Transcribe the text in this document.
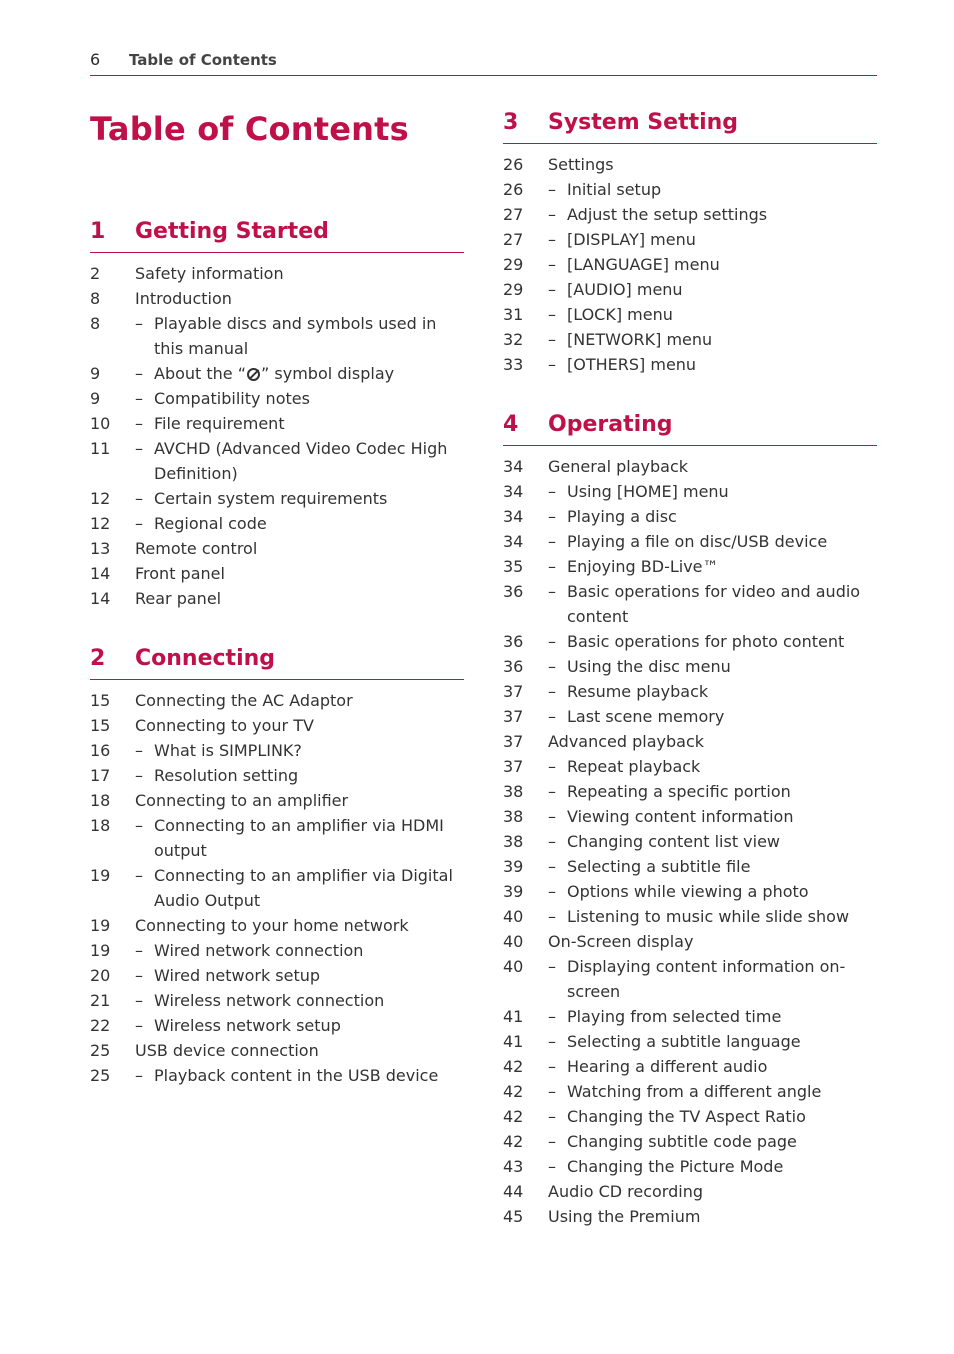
6 Table of Contents
Table of Contents
1 Getting Started
2	Safety information
8	Introduction
8	– Playable discs and symbols used in this manual
9	– About the “ ” symbol display
9	– Compatibility notes
10	– File requirement
11	– AVCHD (Advanced Video Codec High Definition)
12	– Certain system requirements
12	– Regional code
13	Remote control
14	Front panel
14	Rear panel
2 Connecting
15	Connecting the AC Adaptor
15	Connecting to your TV
16	– What is SIMPLINK?
17	– Resolution setting
18	Connecting to an amplifier
18	– Connecting to an amplifier via HDMI output
19	– Connecting to an amplifier via Digital Audio Output
19	Connecting to your home network
19	– Wired network connection
20	– Wired network setup
21	– Wireless network connection
22	– Wireless network setup
25	USB device connection
25	– Playback content in the USB device
3 System Setting
26	Settings
26	– Initial setup
27	– Adjust the setup settings
27	– [DISPLAY] menu
29	– [LANGUAGE] menu
29	– [AUDIO] menu
31	– [LOCK] menu
32	– [NETWORK] menu
33	– [OTHERS] menu
4 Operating
34	General playback
34	– Using [HOME] menu
34	– Playing a disc
34	– Playing a file on disc/USB device
35	– Enjoying BD-Live™
36	– Basic operations for video and audio content
36	– Basic operations for photo content
36	– Using the disc menu
37	– Resume playback
37	– Last scene memory
37	Advanced playback
37	– Repeat playback
38	– Repeating a specific portion
38	– Viewing content information
38	– Changing content list view
39	– Selecting a subtitle file
39	– Options while viewing a photo
40	– Listening to music while slide show
40	On-Screen display
40	– Displaying content information on-screen
41	– Playing from selected time
41	– Selecting a subtitle language
42	– Hearing a different audio
42	– Watching from a different angle
42	– Changing the TV Aspect Ratio
42	– Changing subtitle code page
43	– Changing the Picture Mode
44	Audio CD recording
45	Using the Premium
